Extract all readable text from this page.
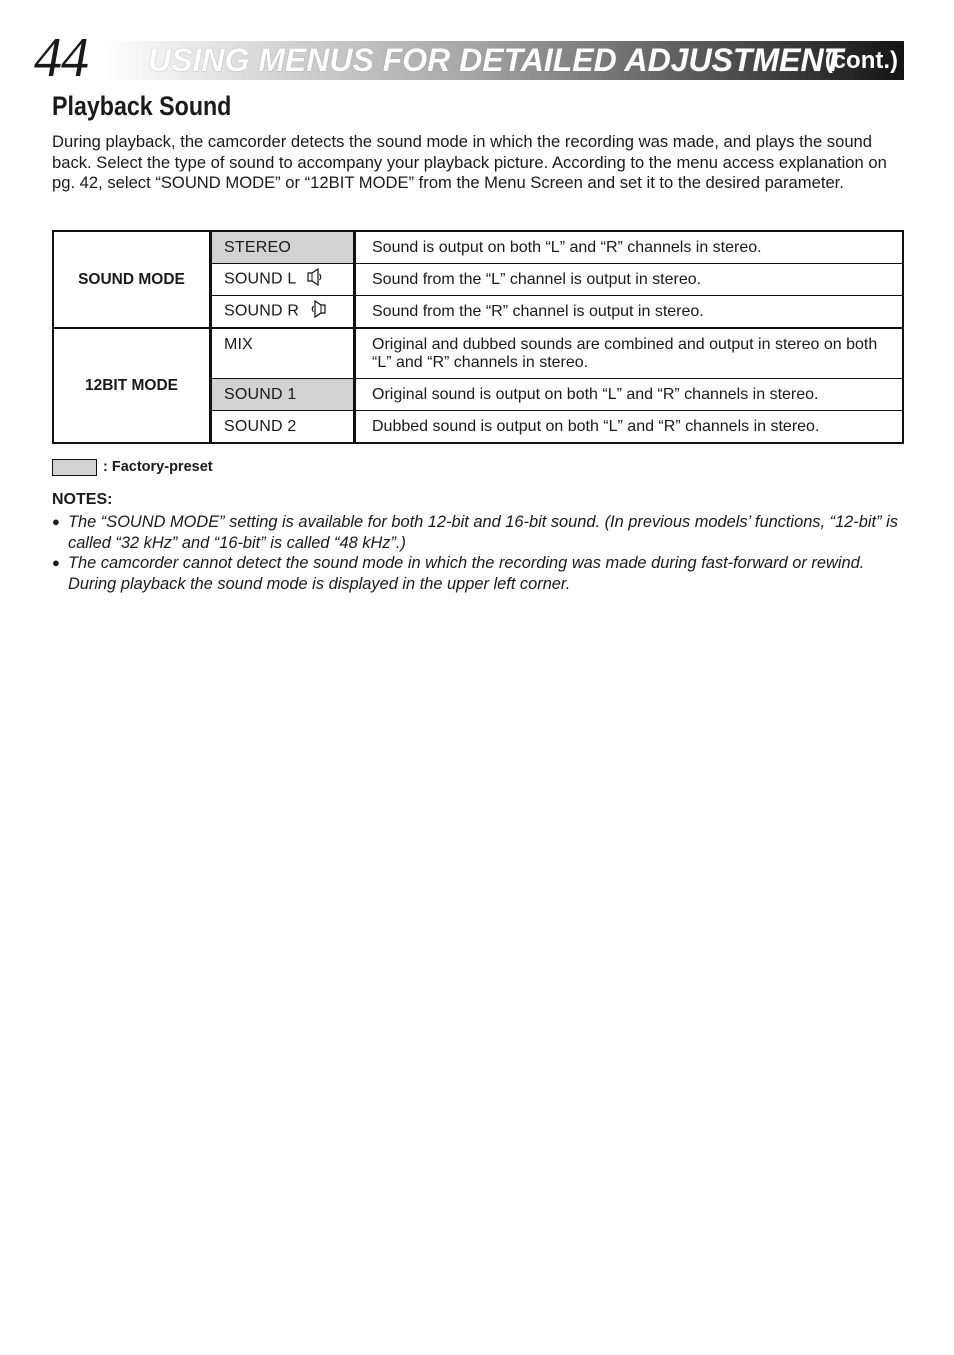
44 USING MENUS FOR DETAILED ADJUSTMENT
(cont.)
Playback Sound
During playback, the camcorder detects the sound mode in which the recording was made, and plays the sound back. Select the type of sound to accompany your playback picture. According to the menu access explanation on pg. 42, select “SOUND MODE” or “12BIT MODE” from the Menu Screen and set it to the desired parameter.
SOUND MODE	STEREO	Sound is output on both “L” and “R” channels in stereo.
	SOUND L	Sound from the “L” channel is output in stereo.
	SOUND R	Sound from the “R” channel is output in stereo.
12BIT MODE	MIX	Original and dubbed sounds are combined and output in stereo on both “L” and “R” channels in stereo.
	SOUND 1	Original sound is output on both “L” and “R” channels in stereo.
	SOUND 2	Dubbed sound is output on both “L” and “R” channels in stereo.
: Factory-preset
NOTES:
● The “SOUND MODE” setting is available for both 12-bit and 16-bit sound. (In previous models’ functions, “12-bit” is called “32 kHz” and “16-bit” is called “48 kHz”.)
● The camcorder cannot detect the sound mode in which the recording was made during fast-forward or rewind. During playback the sound mode is displayed in the upper left corner.
